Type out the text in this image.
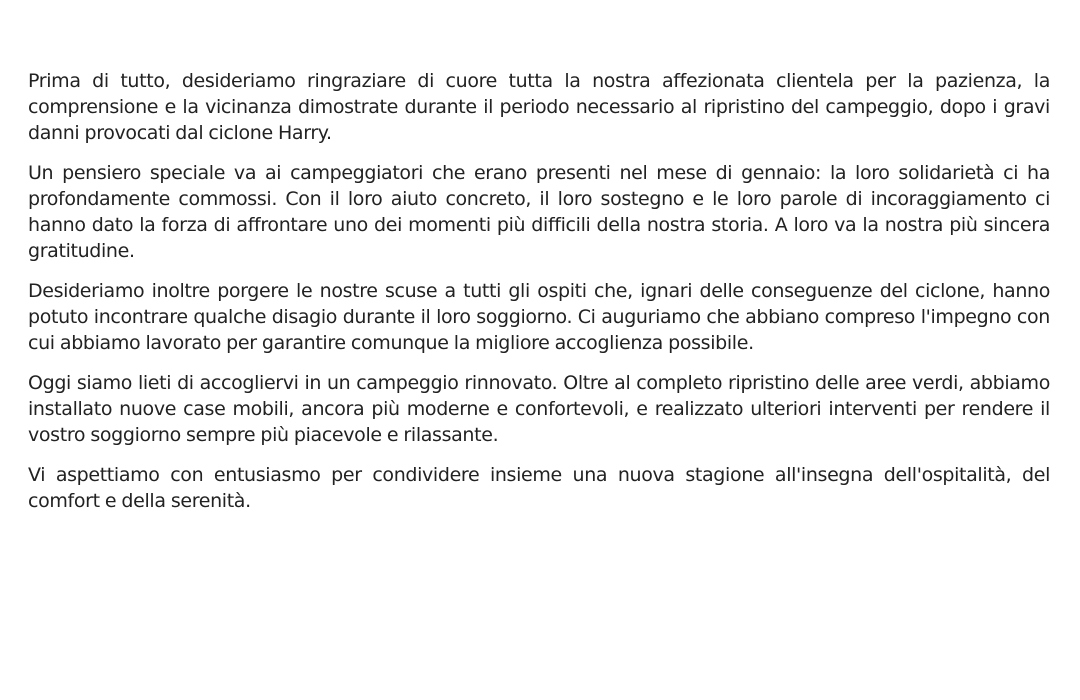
Prima di tutto, desideriamo ringraziare di cuore tutta la nostra affezionata clientela per la pazienza, la comprensione e la vicinanza dimostrate durante il periodo necessario al ripristino del campeggio, dopo i gravi danni provocati dal ciclone Harry.

Un pensiero speciale va ai campeggiatori che erano presenti nel mese di gennaio: la loro solidarietà ci ha profondamente commossi. Con il loro aiuto concreto, il loro sostegno e le loro parole di incoraggiamento ci hanno dato la forza di affrontare uno dei momenti più difficili della nostra storia. A loro va la nostra più sincera gratitudine.

Desideriamo inoltre porgere le nostre scuse a tutti gli ospiti che, ignari delle conseguenze del ciclone, hanno potuto incontrare qualche disagio durante il loro soggiorno. Ci auguriamo che abbiano compreso l'impegno con cui abbiamo lavorato per garantire comunque la migliore accoglienza possibile.

Oggi siamo lieti di accogliervi in un campeggio rinnovato. Oltre al completo ripristino delle aree verdi, abbiamo installato nuove case mobili, ancora più moderne e confortevoli, e realizzato ulteriori interventi per rendere il vostro soggiorno sempre più piacevole e rilassante.

Vi aspettiamo con entusiasmo per condividere insieme una nuova stagione all'insegna dell'ospitalità, del comfort e della serenità.
